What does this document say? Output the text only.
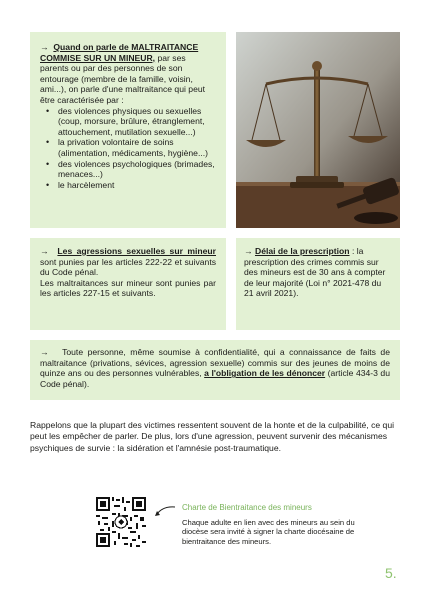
→ Quand on parle de MALTRAITANCE COMMISE SUR UN MINEUR, par ses parents ou par des personnes de son entourage (membre de la famille, voisin, ami...), on parle d'une maltraitance qui peut être caractérisée par :

• des violences physiques ou sexuelles (coup, morsure, brûlure, étranglement, attouchement, mutilation sexuelle...)
• la privation volontaire de soins (alimentation, médicaments, hygiène...)
• des violences psychologiques (brimades, menaces...)
• le harcèlement

→ Les agressions sexuelles sur mineur sont punies par les articles 222-22 et suivants du Code pénal.

Les maltraitances sur mineur sont punies par les articles 227-15 et suivants.

→ Délai de la prescription : la prescription des crimes commis sur des mineurs est de 30 ans à compter de leur majorité (Loi n° 2021-478 du 21 avril 2021).

→ Toute personne, même soumise à confidentialité, qui a connaissance de faits de maltraitance (privations, sévices, agression sexuelle) commis sur des jeunes de moins de quinze ans ou des personnes vulnérables, a l'obligation de les dénoncer (article 434-3 du Code pénal).

Rappelons que la plupart des victimes ressentent souvent de la honte et de la culpabilité, ce qui peut les empêcher de parler. De plus, lors d'une agression, peuvent survenir des mécanismes psychiques de survie : la sidération et l'amnésie post-traumatique.

Charte de Bientraitance des mineurs

Chaque adulte en lien avec des mineurs au sein du diocèse sera invité à signer la charte diocésaine de bientraitance des mineurs.

5.
